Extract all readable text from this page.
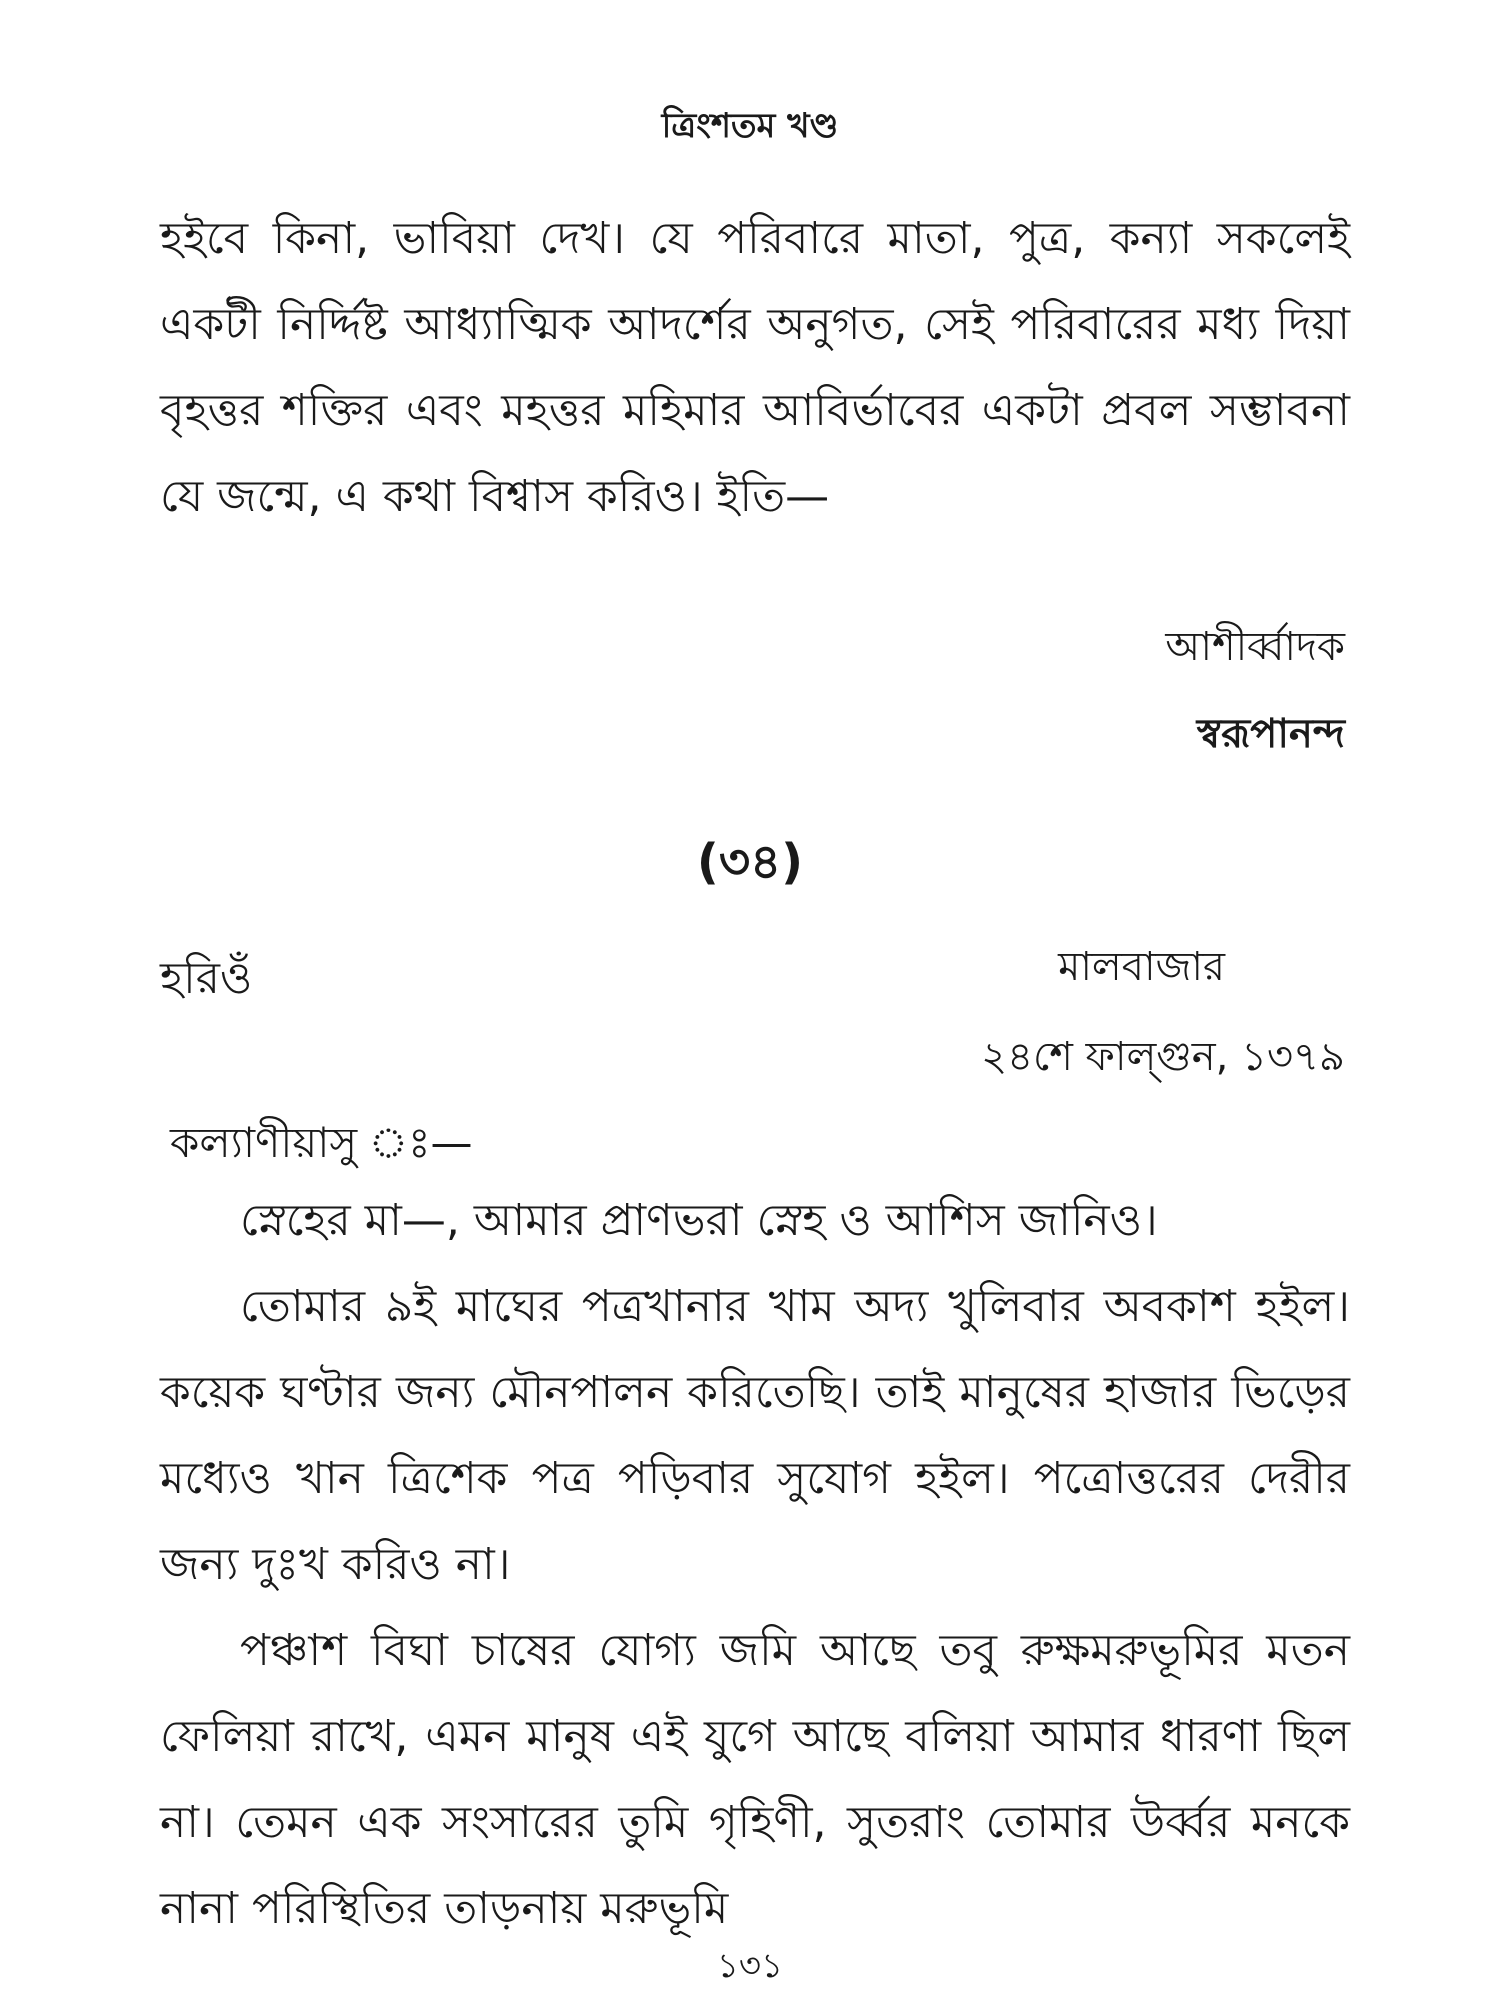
ত্রিংশতম খণ্ড

হইবে কিনা, ভাবিয়া দেখ। যে পরিবারে মাতা, পুত্র, কন্যা সকলেই একটী নির্দ্দিষ্ট আধ্যাত্মিক আদর্শের অনুগত, সেই পরিবারের মধ্য দিয়া বৃহত্তর শক্তির এবং মহত্তর মহিমার আবির্ভাবের একটা প্রবল সম্ভাবনা যে জন্মে, এ কথা বিশ্বাস করিও। ইতি—

আশীর্ব্বাদক
স্বরূপানন্দ
(৩৪)
হরিওঁ	মালবাজার
২৪শে ফাল্গুন, ১৩৭৯
কল্যাণীয়াসু ঃ—

স্নেহের মা—, আমার প্রাণভরা স্নেহ ও আশিস জানিও।

তোমার ৯ই মাঘের পত্রখানার খাম অদ্য খুলিবার অবকাশ হইল। কয়েক ঘণ্টার জন্য মৌনপালন করিতেছি। তাই মানুষের হাজার ভিড়ের মধ্যেও খান ত্রিশেক পত্র পড়িবার সুযোগ হইল। পত্রোত্তরের দেরীর জন্য দুঃখ করিও না।

পঞ্চাশ বিঘা চাষের যোগ্য জমি আছে তবু রুক্ষমরুভূমির মতন ফেলিয়া রাখে, এমন মানুষ এই যুগে আছে বলিয়া আমার ধারণা ছিল না। তেমন এক সংসারের তুমি গৃহিণী, সুতরাং তোমার উর্ব্বর মনকে নানা পরিস্থিতির তাড়নায় মরুভূমি

১৩১
